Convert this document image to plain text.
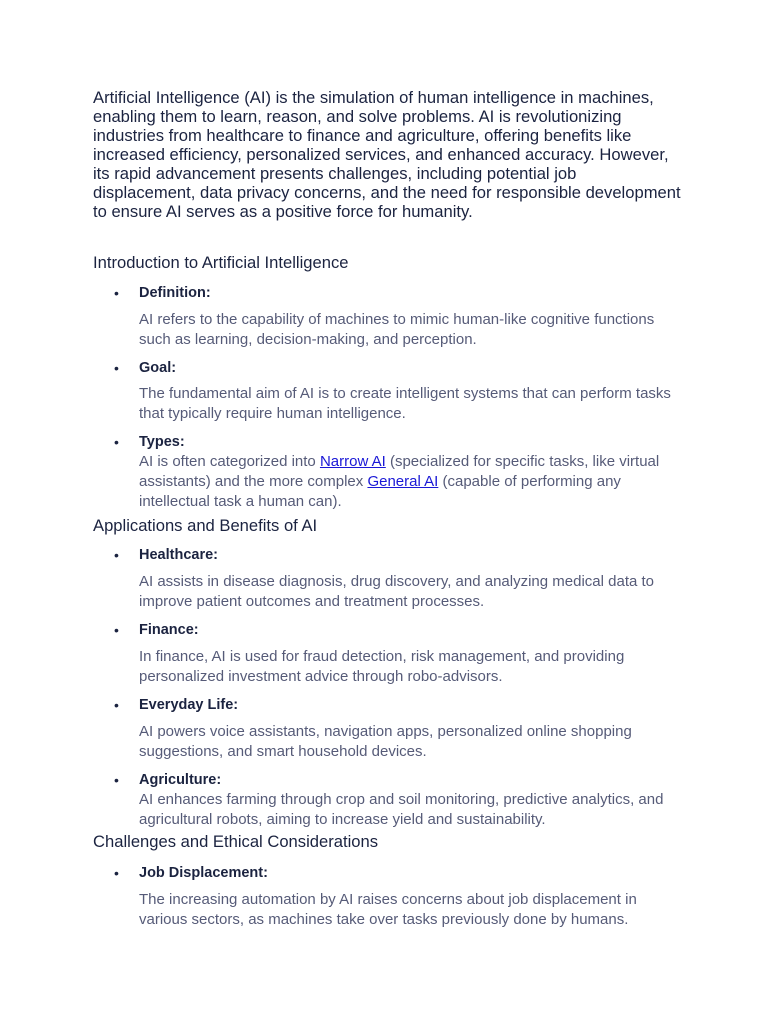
Artificial Intelligence (AI) is the simulation of human intelligence in machines, enabling them to learn, reason, and solve problems. AI is revolutionizing industries from healthcare to finance and agriculture, offering benefits like increased efficiency, personalized services, and enhanced accuracy. However, its rapid advancement presents challenges, including potential job displacement, data privacy concerns, and the need for responsible development to ensure AI serves as a positive force for humanity.

Introduction to Artificial Intelligence
• Definition:

AI refers to the capability of machines to mimic human-like cognitive functions such as learning, decision-making, and perception.

• Goal:

The fundamental aim of AI is to create intelligent systems that can perform tasks that typically require human intelligence.

• Types:

AI is often categorized into Narrow AI (specialized for specific tasks, like virtual assistants) and the more complex General AI (capable of performing any intellectual task a human can).

Applications and Benefits of AI
• Healthcare:

AI assists in disease diagnosis, drug discovery, and analyzing medical data to improve patient outcomes and treatment processes.

• Finance:

In finance, AI is used for fraud detection, risk management, and providing personalized investment advice through robo-advisors.

• Everyday Life:

AI powers voice assistants, navigation apps, personalized online shopping suggestions, and smart household devices.

• Agriculture:

AI enhances farming through crop and soil monitoring, predictive analytics, and agricultural robots, aiming to increase yield and sustainability.

Challenges and Ethical Considerations
• Job Displacement:

The increasing automation by AI raises concerns about job displacement in various sectors, as machines take over tasks previously done by humans.
